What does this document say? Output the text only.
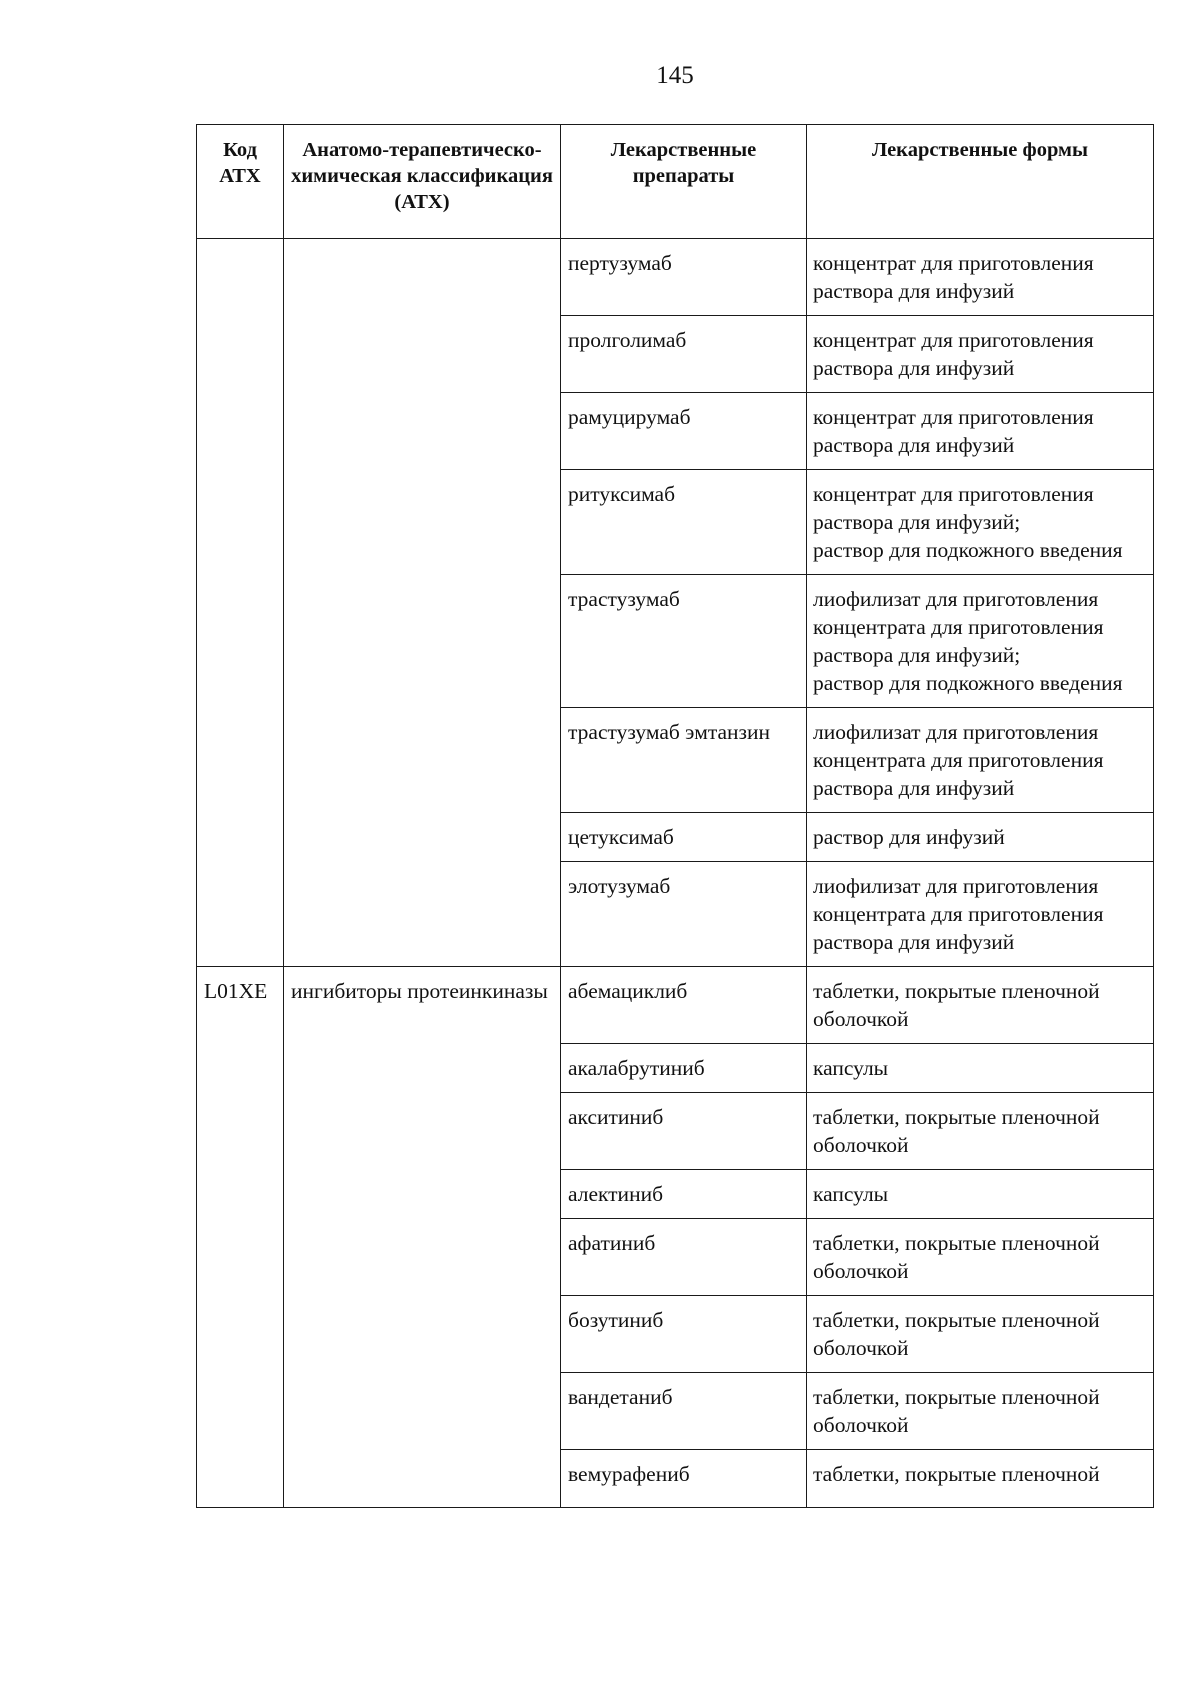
145
Код АТХ	Анатомо-терапевтическо-химическая классификация (АТХ)	Лекарственные препараты	Лекарственные формы
		пертузумаб	концентрат для приготовления раствора для инфузий

		пролголимаб	концентрат для приготовления раствора для инфузий

		рамуцирумаб	концентрат для приготовления раствора для инфузий

		ритуксимаб	концентрат для приготовления раствора для инфузий;
раствор для подкожного введения

		трастузумаб	лиофилизат для приготовления концентрата для приготовления раствора для инфузий;
раствор для подкожного введения

		трастузумаб эмтанзин	лиофилизат для приготовления концентрата для приготовления раствора для инфузий

		цетуксимаб	раствор для инфузий

		элотузумаб	лиофилизат для приготовления концентрата для приготовления раствора для инфузий

L01XE	ингибиторы протеинкиназы	абемациклиб	таблетки, покрытые пленочной оболочкой

		акалабрутиниб	капсулы

		акситиниб	таблетки, покрытые пленочной оболочкой

		алектиниб	капсулы

		афатиниб	таблетки, покрытые пленочной оболочкой

		бозутиниб	таблетки, покрытые пленочной оболочкой

		вандетаниб	таблетки, покрытые пленочной оболочкой

		вемурафениб	таблетки, покрытые пленочной
